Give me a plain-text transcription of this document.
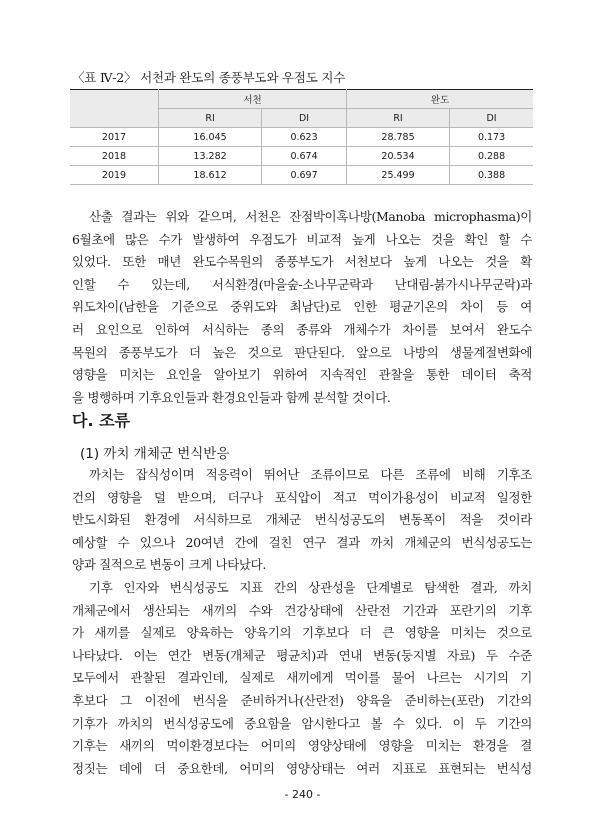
〈표 Ⅳ-2〉 서천과 완도의 종풍부도와 우점도 지수
	서천		완도	
	RI	DI	RI	DI
2017	16.045	0.623	28.785	0.173
2018	13.282	0.674	20.534	0.288
2019	18.612	0.697	25.499	0.388
산출 결과는 위와 같으며, 서천은 잔점박이혹나방(Manoba microphasma)이
6월초에 많은 수가 발생하여 우점도가 비교적 높게 나오는 것을 확인 할 수
있었다. 또한 매년 완도수목원의 종풍부도가 서천보다 높게 나오는 것을 확
인할 수 있는데, 서식환경(마을숲-소나무군락과 난대림-붉가시나무군락)과
위도차이(남한을 기준으로 중위도와 최남단)로 인한 평균기온의 차이 등 여
러 요인으로 인하여 서식하는 종의 종류와 개체수가 차이를 보여서 완도수
목원의 종풍부도가 더 높은 것으로 판단된다. 앞으로 나방의 생물계절변화에
영향을 미치는 요인을 알아보기 위하여 지속적인 관찰을 통한 데이터 축적
을 병행하며 기후요인들과 환경요인들과 함께 분석할 것이다.
다. 조류
(1) 까치 개체군 번식반응
까치는 잡식성이며 적응력이 뛰어난 조류이므로 다른 조류에 비해 기후조
건의 영향을 덜 받으며, 더구나 포식압이 적고 먹이가용성이 비교적 일정한
반도시화된 환경에 서식하므로 개체군 번식성공도의 변동폭이 적을 것이라
예상할 수 있으나 20여년 간에 걸친 연구 결과 까치 개체군의 번식성공도는
양과 질적으로 변동이 크게 나타났다.
기후 인자와 번식성공도 지표 간의 상관성을 단계별로 탐색한 결과, 까치
개체군에서 생산되는 새끼의 수와 건강상태에 산란전 기간과 포란기의 기후
가 새끼를 실제로 양육하는 양육기의 기후보다 더 큰 영향을 미치는 것으로
나타났다. 이는 연간 변동(개체군 평균치)과 연내 변동(둥지별 자료) 두 수준
모두에서 관찰된 결과인데, 실제로 새끼에게 먹이를 물어 나르는 시기의 기
후보다 그 이전에 번식을 준비하거나(산란전) 양육을 준비하는(포란) 기간의
기후가 까치의 번식성공도에 중요함을 암시한다고 볼 수 있다. 이 두 기간의
기후는 새끼의 먹이환경보다는 어미의 영양상태에 영향을 미치는 환경을 결
정짓는 데에 더 중요한데, 어미의 영양상태는 여러 지표로 표현되는 번식성
- 240 -
